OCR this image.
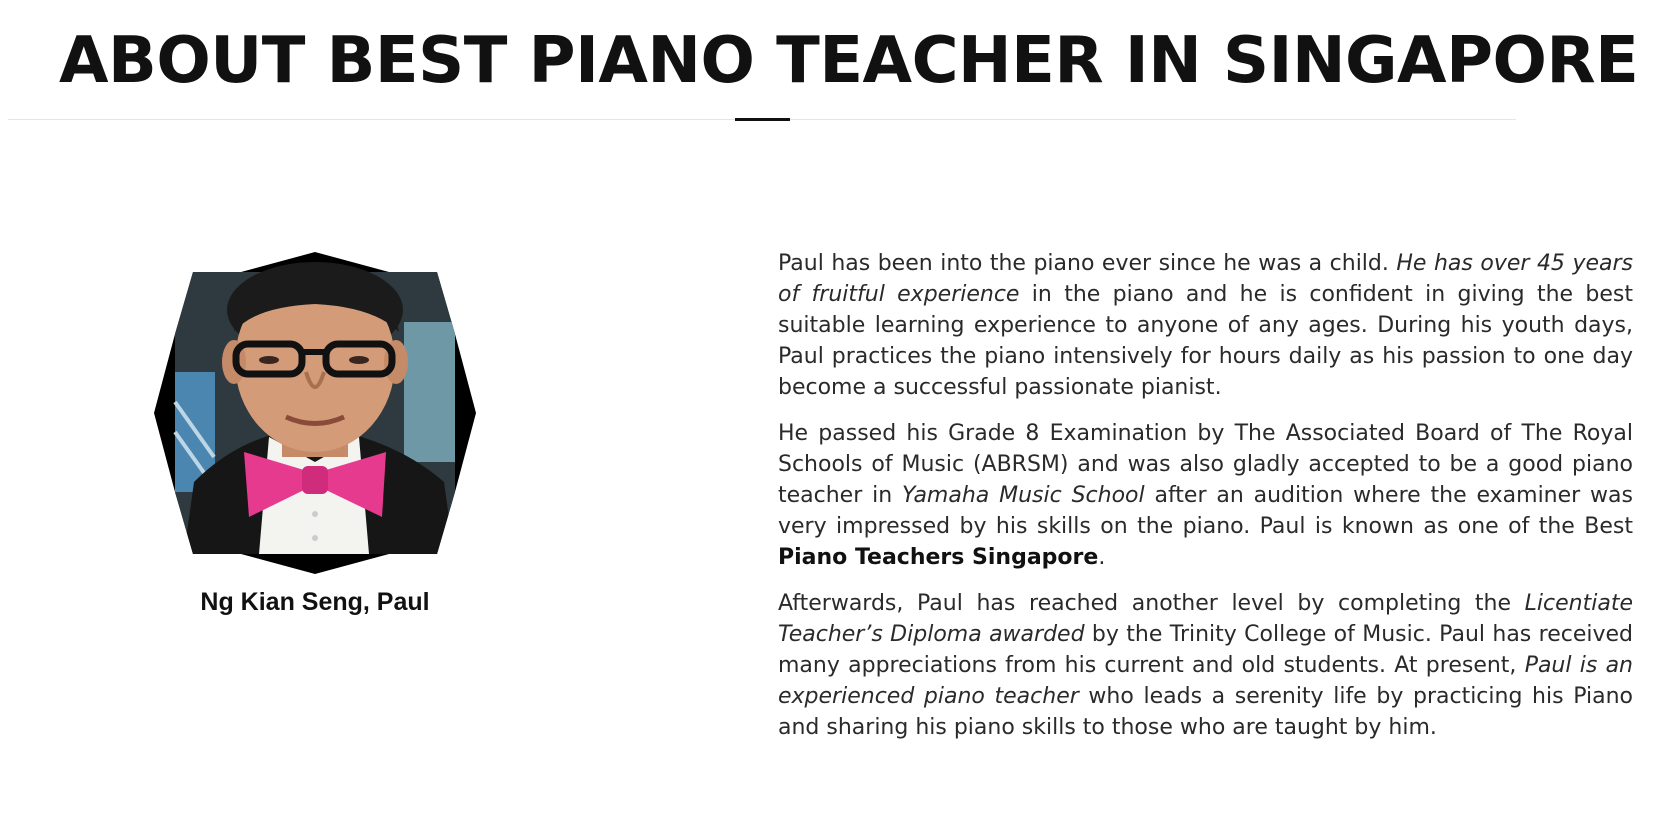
ABOUT BEST PIANO TEACHER IN SINGAPORE

Ng Kian Seng, Paul

Paul has been into the piano ever since he was a child. He has over 45 years of fruitful experience in the piano and he is confident in giving the best suitable learning experience to anyone of any ages. During his youth days, Paul practices the piano intensively for hours daily as his passion to one day become a successful passionate pianist.

He passed his Grade 8 Examination by The Associated Board of The Royal Schools of Music (ABRSM) and was also gladly accepted to be a good piano teacher in Yamaha Music School after an audition where the examiner was very impressed by his skills on the piano. Paul is known as one of the Best Piano Teachers Singapore.

Afterwards, Paul has reached another level by completing the Licentiate Teacher’s Diploma awarded by the Trinity College of Music. Paul has received many appreciations from his current and old students. At present, Paul is an experienced piano teacher who leads a serenity life by practicing his Piano and sharing his piano skills to those who are taught by him.
